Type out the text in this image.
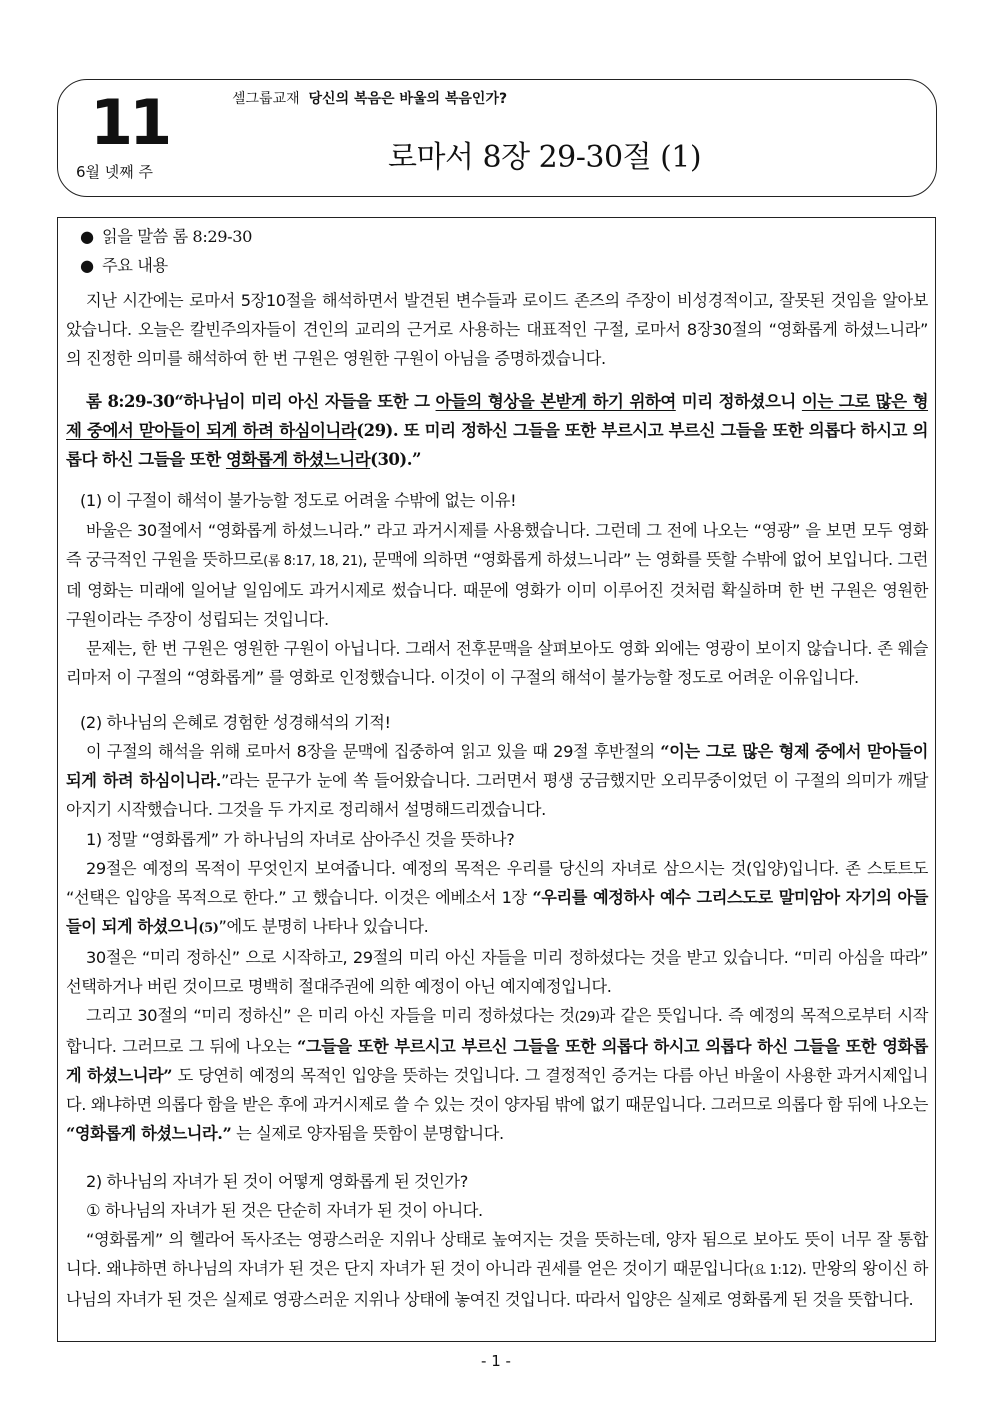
11
6월 넷째 주
셀그룹교재 당신의 복음은 바울의 복음인가?
로마서 8장 29-30절 (1)

● 읽을 말씀 롬 8:29-30

● 주요 내용

지난 시간에는 로마서 5장10절을 해석하면서 발견된 변수들과 로이드 존즈의 주장이 비성경적이고, 잘못된 것임을 알아보았습니다. 오늘은 칼빈주의자들이 견인의 교리의 근거로 사용하는 대표적인 구절, 로마서 8장30절의 “영화롭게 하셨느니라” 의 진정한 의미를 해석하여 한 번 구원은 영원한 구원이 아님을 증명하겠습니다.

롬 8:29-30“하나님이 미리 아신 자들을 또한 그 아들의 형상을 본받게 하기 위하여 미리 정하셨으니 이는 그로 많은 형제 중에서 맏아들이 되게 하려 하심이니라(29). 또 미리 정하신 그들을 또한 부르시고 부르신 그들을 또한 의롭다 하시고 의롭다 하신 그들을 또한 영화롭게 하셨느니라(30).”

(1) 이 구절이 해석이 불가능할 정도로 어려울 수밖에 없는 이유!

바울은 30절에서 “영화롭게 하셨느니라.” 라고 과거시제를 사용했습니다. 그런데 그 전에 나오는 “영광” 을 보면 모두 영화 즉 궁극적인 구원을 뜻하므로(롬 8:17, 18, 21), 문맥에 의하면 “영화롭게 하셨느니라” 는 영화를 뜻할 수밖에 없어 보입니다. 그런데 영화는 미래에 일어날 일임에도 과거시제로 썼습니다. 때문에 영화가 이미 이루어진 것처럼 확실하며 한 번 구원은 영원한 구원이라는 주장이 성립되는 것입니다.

문제는, 한 번 구원은 영원한 구원이 아닙니다. 그래서 전후문맥을 살펴보아도 영화 외에는 영광이 보이지 않습니다. 존 웨슬리마저 이 구절의 “영화롭게” 를 영화로 인정했습니다. 이것이 이 구절의 해석이 불가능할 정도로 어려운 이유입니다.

(2) 하나님의 은혜로 경험한 성경해석의 기적!

이 구절의 해석을 위해 로마서 8장을 문맥에 집중하여 읽고 있을 때 29절 후반절의 “이는 그로 많은 형제 중에서 맏아들이 되게 하려 하심이니라.”라는 문구가 눈에 쏙 들어왔습니다. 그러면서 평생 궁금했지만 오리무중이었던 이 구절의 의미가 깨달아지기 시작했습니다. 그것을 두 가지로 정리해서 설명해드리겠습니다.

1) 정말 “영화롭게” 가 하나님의 자녀로 삼아주신 것을 뜻하나?

29절은 예정의 목적이 무엇인지 보여줍니다. 예정의 목적은 우리를 당신의 자녀로 삼으시는 것(입양)입니다. 존 스토트도 “선택은 입양을 목적으로 한다.” 고 했습니다. 이것은 에베소서 1장 “우리를 예정하사 예수 그리스도로 말미암아 자기의 아들들이 되게 하셨으니(5)”에도 분명히 나타나 있습니다.

30절은 “미리 정하신” 으로 시작하고, 29절의 미리 아신 자들을 미리 정하셨다는 것을 받고 있습니다. “미리 아심을 따라” 선택하거나 버린 것이므로 명백히 절대주권에 의한 예정이 아닌 예지예정입니다.

그리고 30절의 “미리 정하신” 은 미리 아신 자들을 미리 정하셨다는 것(29)과 같은 뜻입니다. 즉 예정의 목적으로부터 시작합니다. 그러므로 그 뒤에 나오는 “그들을 또한 부르시고 부르신 그들을 또한 의롭다 하시고 의롭다 하신 그들을 또한 영화롭게 하셨느니라” 도 당연히 예정의 목적인 입양을 뜻하는 것입니다. 그 결정적인 증거는 다름 아닌 바울이 사용한 과거시제입니다. 왜냐하면 의롭다 함을 받은 후에 과거시제로 쓸 수 있는 것이 양자됨 밖에 없기 때문입니다. 그러므로 의롭다 함 뒤에 나오는 “영화롭게 하셨느니라.” 는 실제로 양자됨을 뜻함이 분명합니다.

2) 하나님의 자녀가 된 것이 어떻게 영화롭게 된 것인가?

① 하나님의 자녀가 된 것은 단순히 자녀가 된 것이 아니다.

“영화롭게” 의 헬라어 독사조는 영광스러운 지위나 상태로 높여지는 것을 뜻하는데, 양자 됨으로 보아도 뜻이 너무 잘 통합니다. 왜냐하면 하나님의 자녀가 된 것은 단지 자녀가 된 것이 아니라 권세를 얻은 것이기 때문입니다(요 1:12). 만왕의 왕이신 하나님의 자녀가 된 것은 실제로 영광스러운 지위나 상태에 놓여진 것입니다. 따라서 입양은 실제로 영화롭게 된 것을 뜻합니다.

- 1 -
